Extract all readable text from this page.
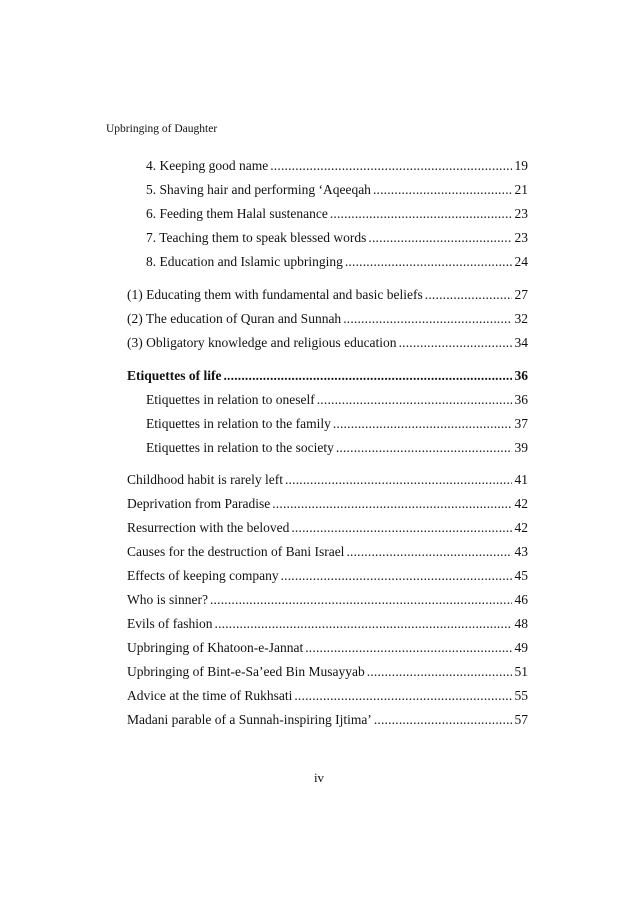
Upbringing of Daughter
4. Keeping good name .....	19
5. Shaving hair and performing ‘Aqeeqah .....	21
6. Feeding them Halal sustenance .....	23
7. Teaching them to speak blessed words .....	23
8. Education and Islamic upbringing .....	24
(1) Educating them with fundamental and basic beliefs .....	27
(2) The education of Quran and Sunnah .....	32
(3) Obligatory knowledge and religious education .....	34
Etiquettes of life .....	36
Etiquettes in relation to oneself .....	36
Etiquettes in relation to the family .....	37
Etiquettes in relation to the society .....	39
Childhood habit is rarely left .....	41
Deprivation from Paradise .....	42
Resurrection with the beloved .....	42
Causes for the destruction of Bani Israel .....	43
Effects of keeping company .....	45
Who is sinner? .....	46
Evils of fashion .....	48
Upbringing of Khatoon-e-Jannat .....	49
Upbringing of Bint-e-Sa’eed Bin Musayyab .....	51
Advice at the time of Rukhsati .....	55
Madani parable of a Sunnah-inspiring Ijtima’ .....	57
iv
